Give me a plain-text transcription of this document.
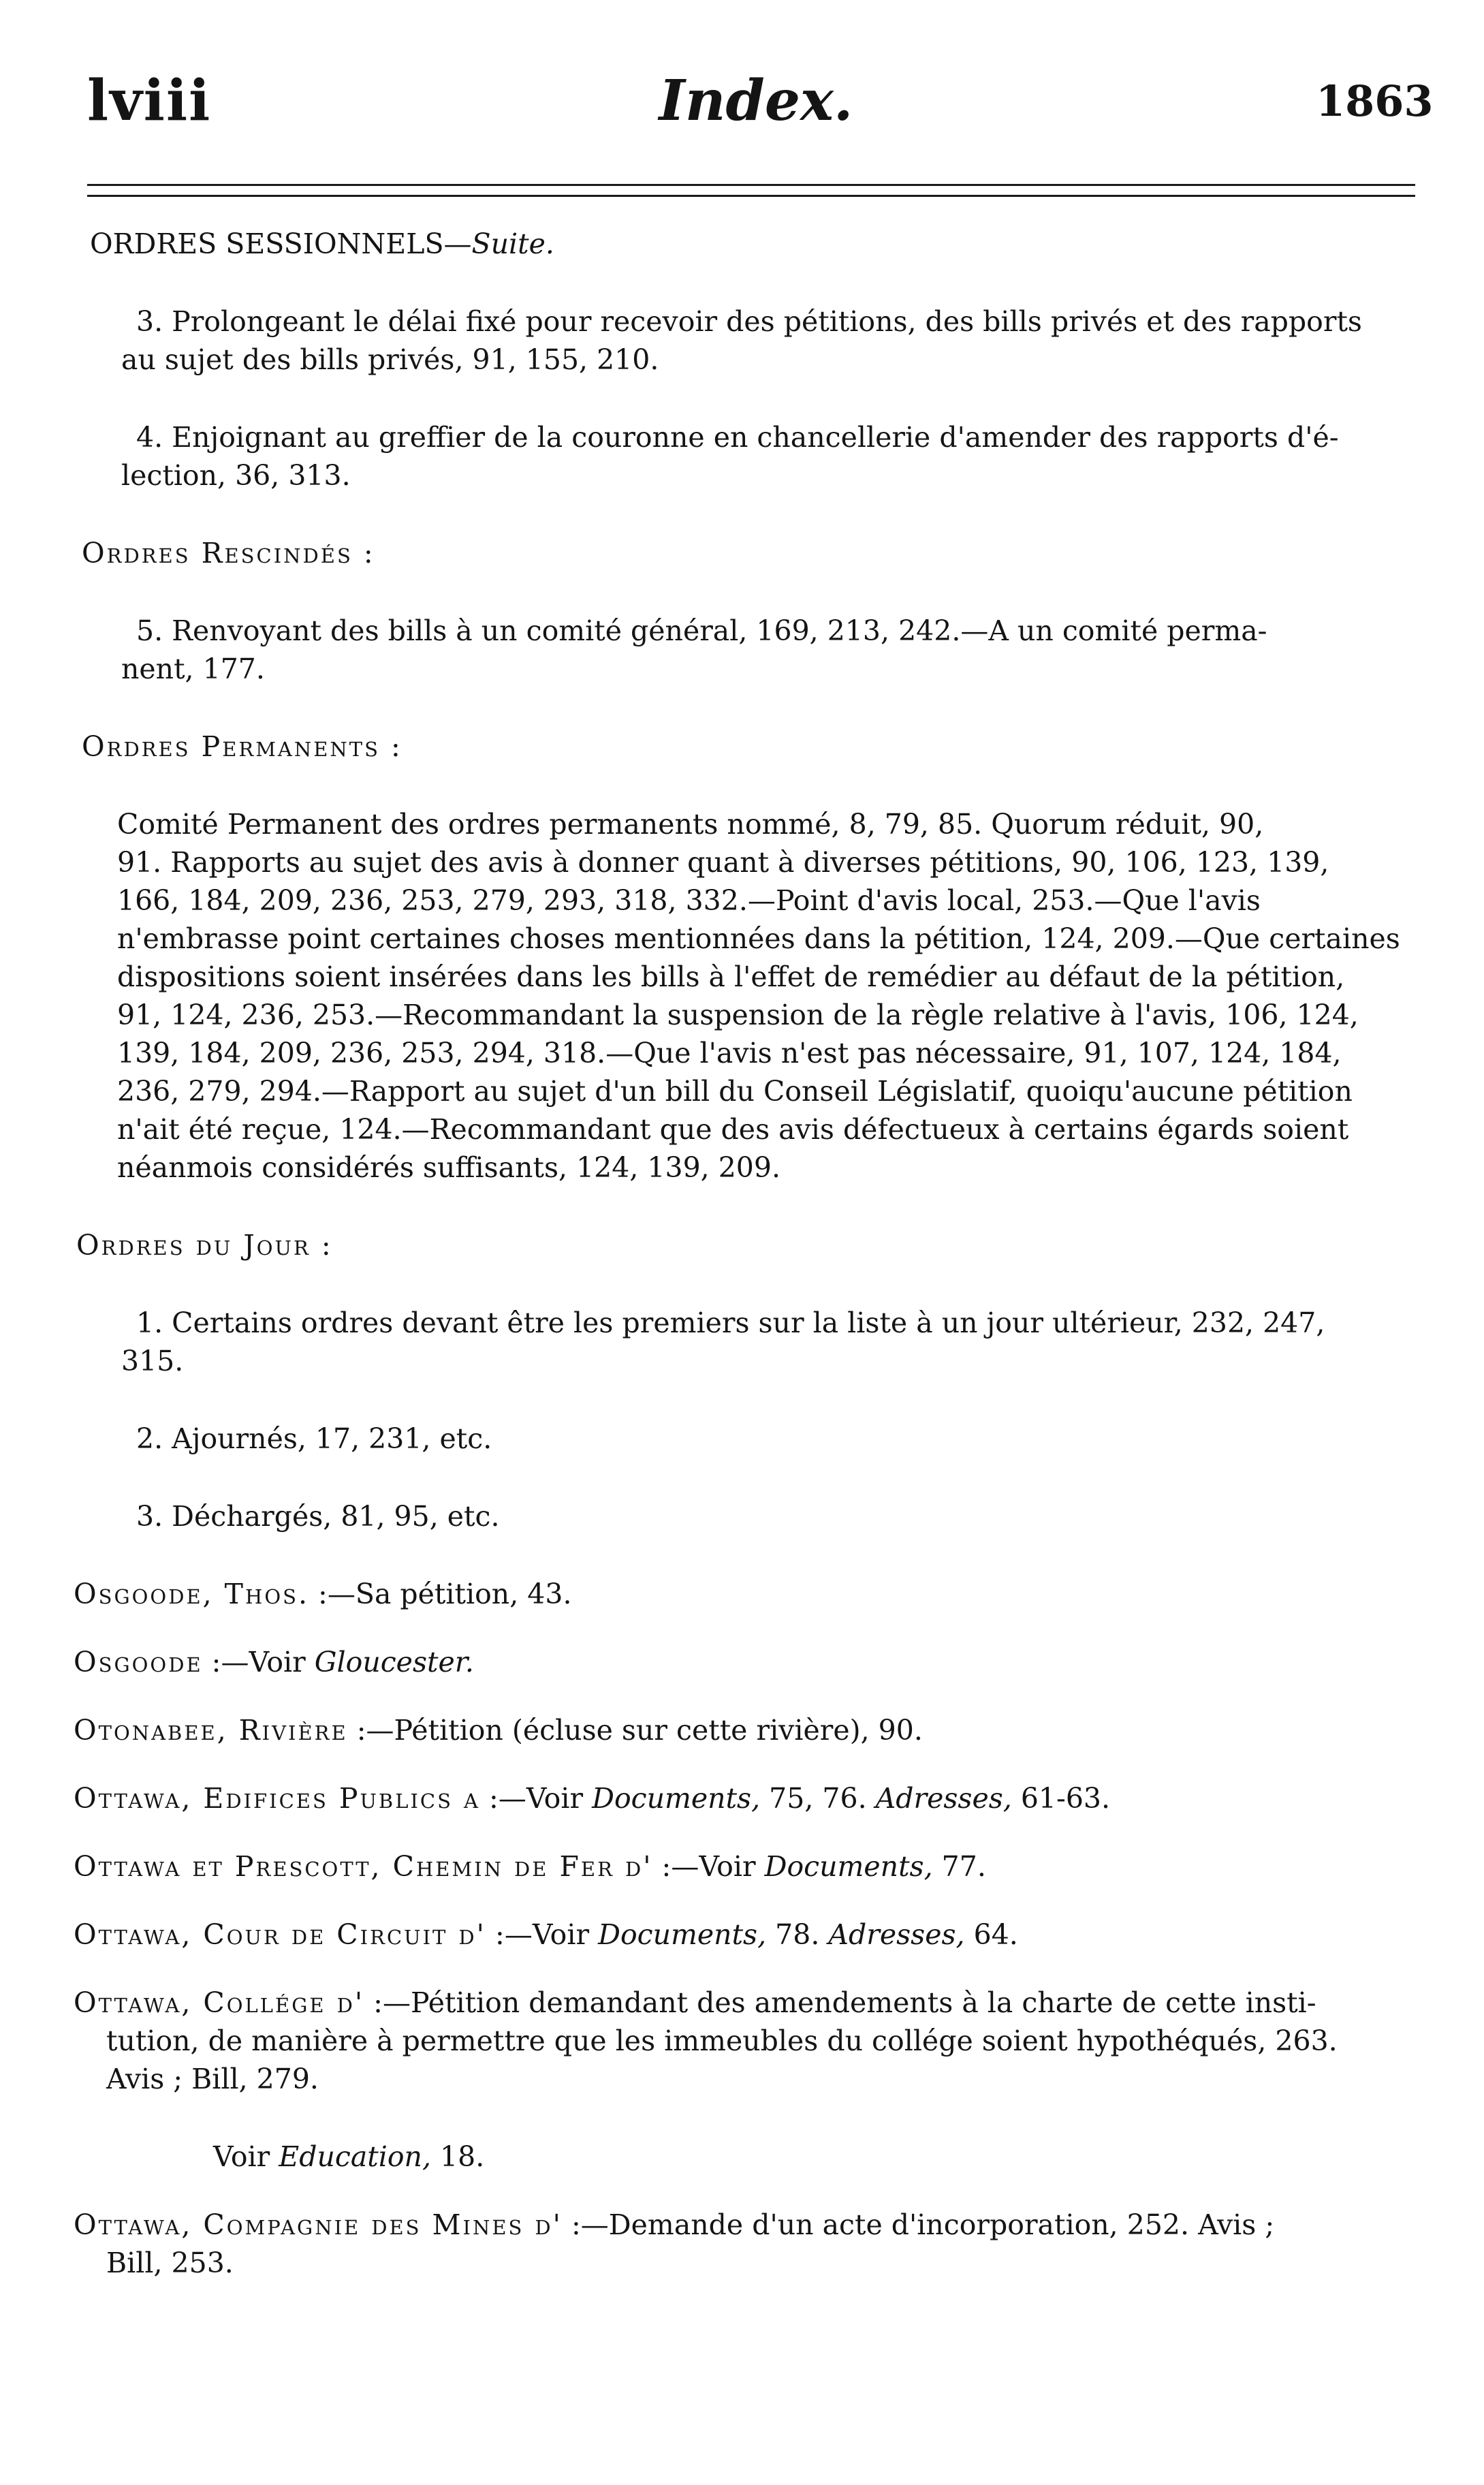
lviii	Index.	1863
ORDRES SESSIONNELS—Suite.
3. Prolongeant le délai fixé pour recevoir des pétitions, des bills privés et des rapports
au sujet des bills privés, 91, 155, 210.
4. Enjoignant au greffier de la couronne en chancellerie d'amender des rapports d'é-
lection, 36, 313.
Ordres Rescindés :
5. Renvoyant des bills à un comité général, 169, 213, 242.—A un comité perma-
nent, 177.
Ordres Permanents :
Comité Permanent des ordres permanents nommé, 8, 79, 85. Quorum réduit, 90,
91. Rapports au sujet des avis à donner quant à diverses pétitions, 90, 106, 123, 139,
166, 184, 209, 236, 253, 279, 293, 318, 332.—Point d'avis local, 253.—Que l'avis
n'embrasse point certaines choses mentionnées dans la pétition, 124, 209.—Que certaines
dispositions soient insérées dans les bills à l'effet de remédier au défaut de la pétition,
91, 124, 236, 253.—Recommandant la suspension de la règle relative à l'avis, 106, 124,
139, 184, 209, 236, 253, 294, 318.—Que l'avis n'est pas nécessaire, 91, 107, 124, 184,
236, 279, 294.—Rapport au sujet d'un bill du Conseil Législatif, quoiqu'aucune pétition
n'ait été reçue, 124.—Recommandant que des avis défectueux à certains égards soient
néanmois considérés suffisants, 124, 139, 209.
Ordres du Jour :
1. Certains ordres devant être les premiers sur la liste à un jour ultérieur, 232, 247,
315.
2. Ajournés, 17, 231, etc.
3. Déchargés, 81, 95, etc.
Osgoode, Thos. :—Sa pétition, 43.
Osgoode :—Voir Gloucester.
Otonabee, Rivière :—Pétition (écluse sur cette rivière), 90.
Ottawa, Edifices Publics a :—Voir Documents, 75, 76. Adresses, 61-63.
Ottawa et Prescott, Chemin de Fer d' :—Voir Documents, 77.
Ottawa, Cour de Circuit d' :—Voir Documents, 78. Adresses, 64.
Ottawa, Collége d' :—Pétition demandant des amendements à la charte de cette insti-
tution, de manière à permettre que les immeubles du collége soient hypothéqués, 263.
Avis ; Bill, 279.
Voir Education, 18.
Ottawa, Compagnie des Mines d' :—Demande d'un acte d'incorporation, 252. Avis ;
Bill, 253.
